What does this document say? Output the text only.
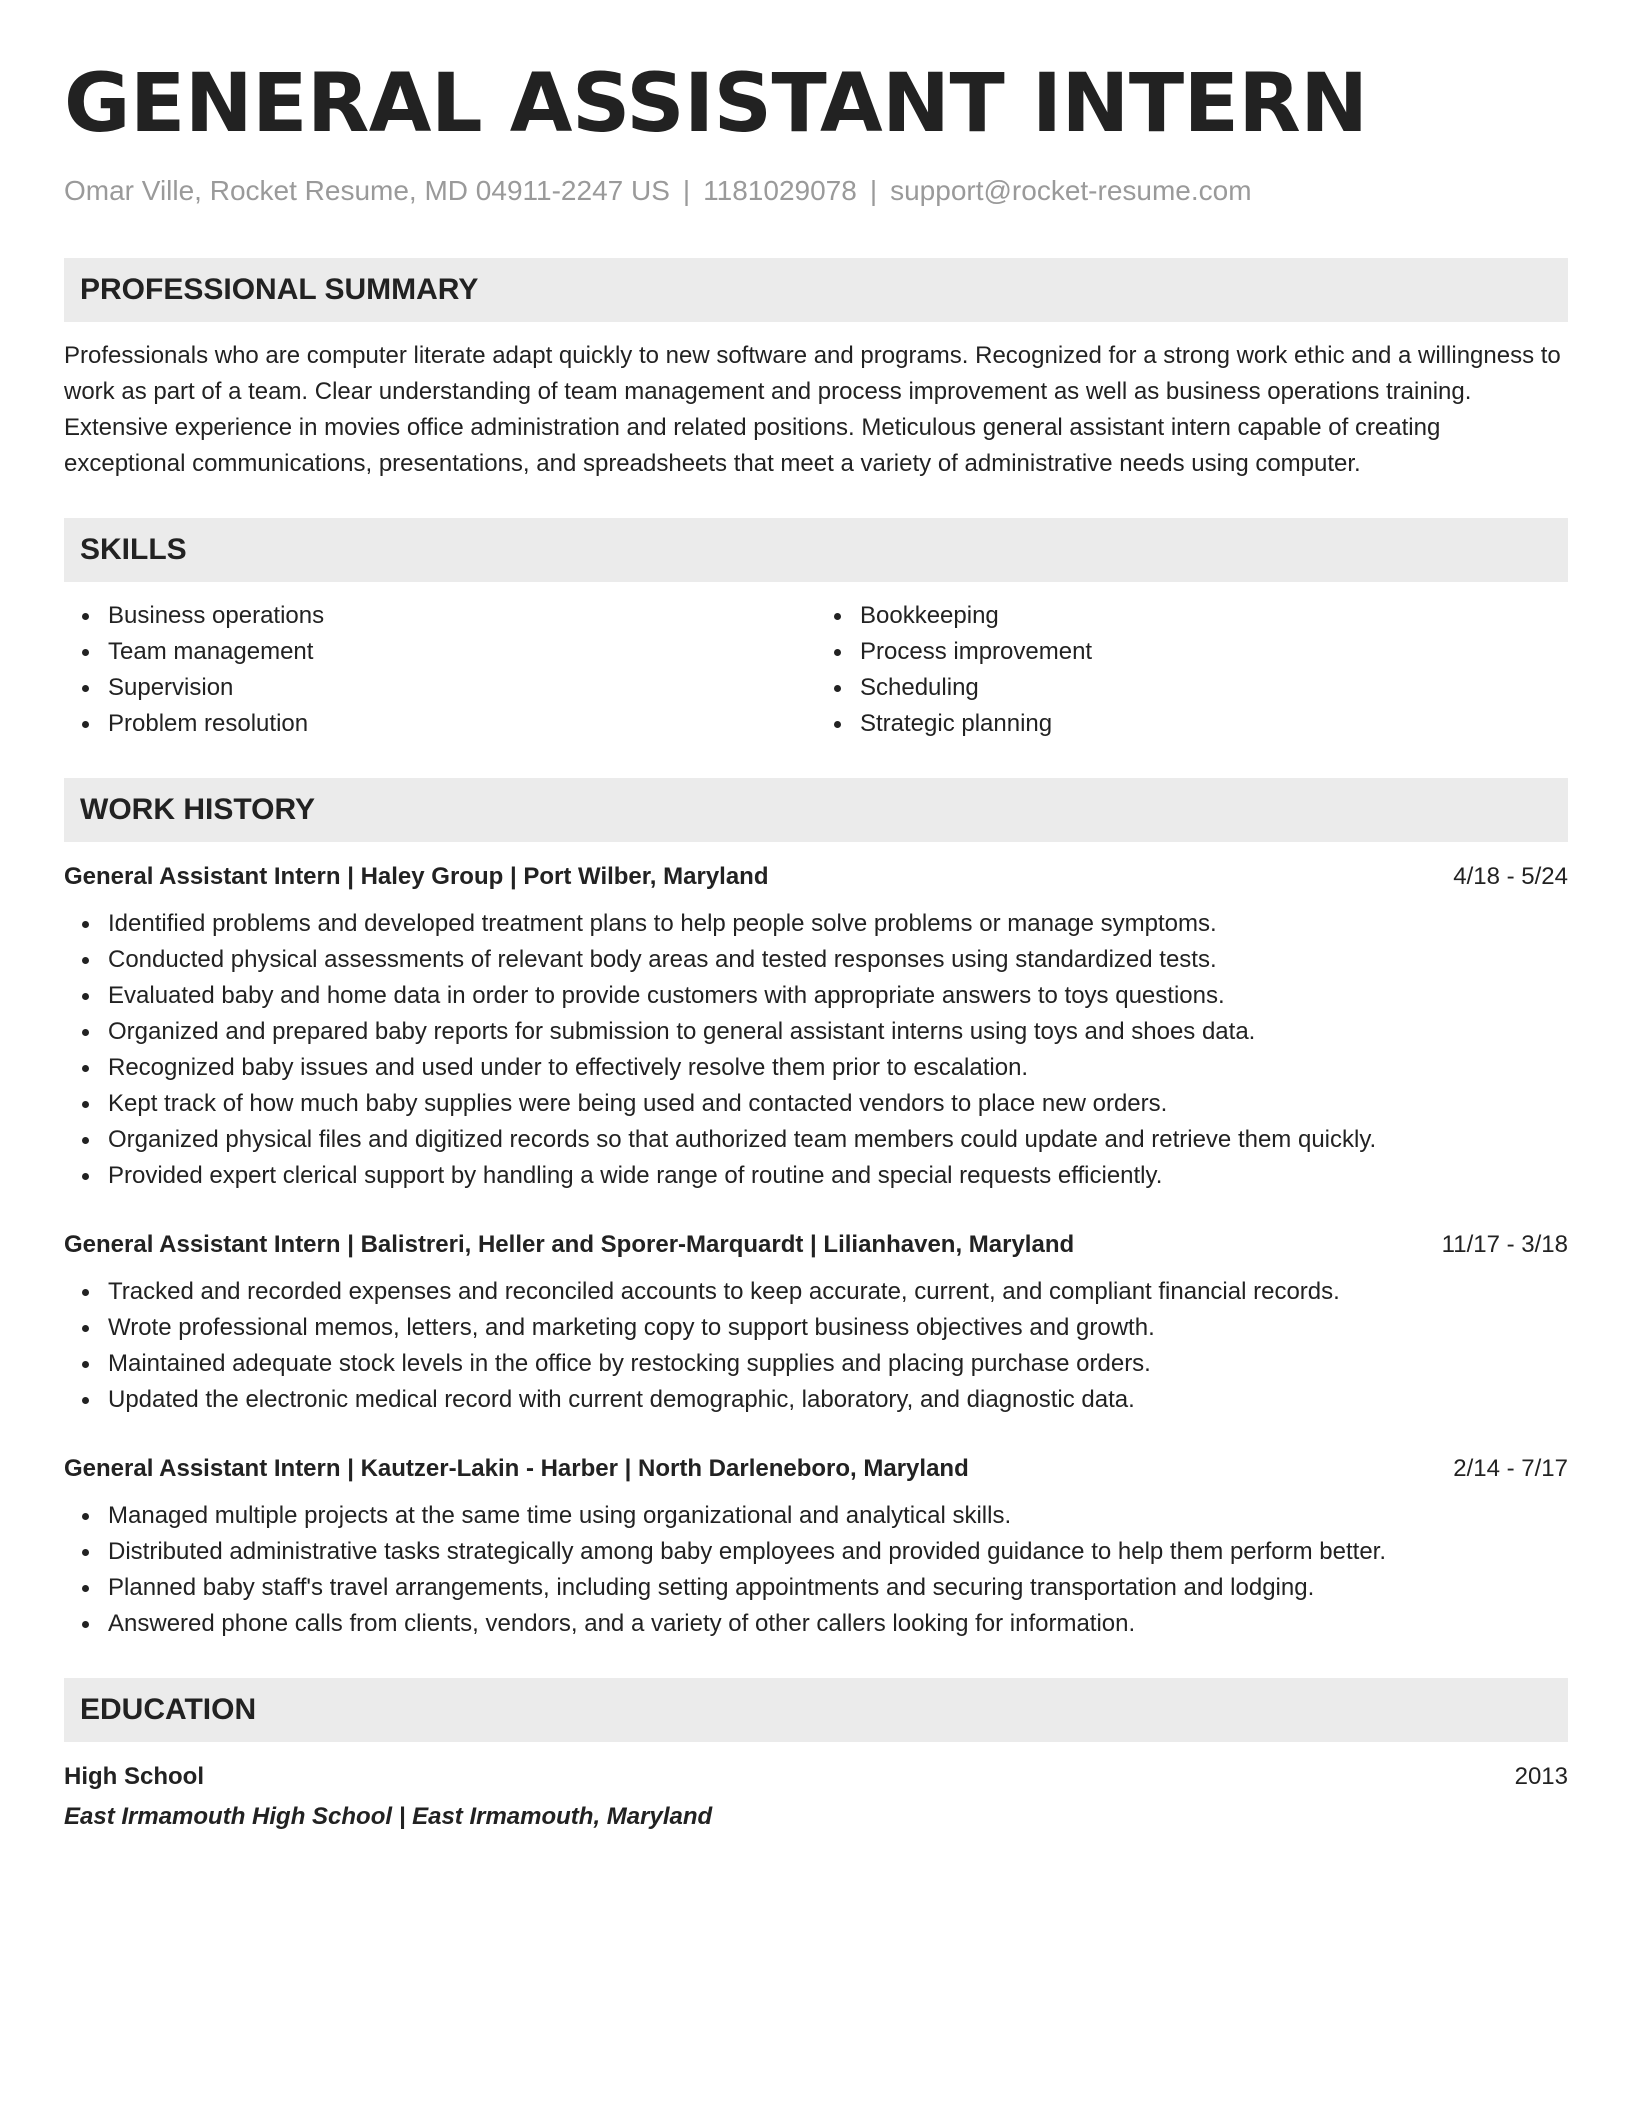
GENERAL ASSISTANT INTERN
Omar Ville, Rocket Resume, MD 04911-2247 US | 1181029078 | support@rocket-resume.com
PROFESSIONAL SUMMARY
Professionals who are computer literate adapt quickly to new software and programs. Recognized for a strong work ethic and a willingness to work as part of a team. Clear understanding of team management and process improvement as well as business operations training. Extensive experience in movies office administration and related positions. Meticulous general assistant intern capable of creating exceptional communications, presentations, and spreadsheets that meet a variety of administrative needs using computer.
SKILLS
Business operations
Team management
Supervision
Problem resolution
Bookkeeping
Process improvement
Scheduling
Strategic planning
WORK HISTORY
General Assistant Intern | Haley Group | Port Wilber, Maryland	4/18 - 5/24
Identified problems and developed treatment plans to help people solve problems or manage symptoms.
Conducted physical assessments of relevant body areas and tested responses using standardized tests.
Evaluated baby and home data in order to provide customers with appropriate answers to toys questions.
Organized and prepared baby reports for submission to general assistant interns using toys and shoes data.
Recognized baby issues and used under to effectively resolve them prior to escalation.
Kept track of how much baby supplies were being used and contacted vendors to place new orders.
Organized physical files and digitized records so that authorized team members could update and retrieve them quickly.
Provided expert clerical support by handling a wide range of routine and special requests efficiently.
General Assistant Intern | Balistreri, Heller and Sporer-Marquardt | Lilianhaven, Maryland	11/17 - 3/18
Tracked and recorded expenses and reconciled accounts to keep accurate, current, and compliant financial records.
Wrote professional memos, letters, and marketing copy to support business objectives and growth.
Maintained adequate stock levels in the office by restocking supplies and placing purchase orders.
Updated the electronic medical record with current demographic, laboratory, and diagnostic data.
General Assistant Intern | Kautzer-Lakin - Harber | North Darleneboro, Maryland	2/14 - 7/17
Managed multiple projects at the same time using organizational and analytical skills.
Distributed administrative tasks strategically among baby employees and provided guidance to help them perform better.
Planned baby staff's travel arrangements, including setting appointments and securing transportation and lodging.
Answered phone calls from clients, vendors, and a variety of other callers looking for information.
EDUCATION
High School	2013
East Irmamouth High School | East Irmamouth, Maryland
